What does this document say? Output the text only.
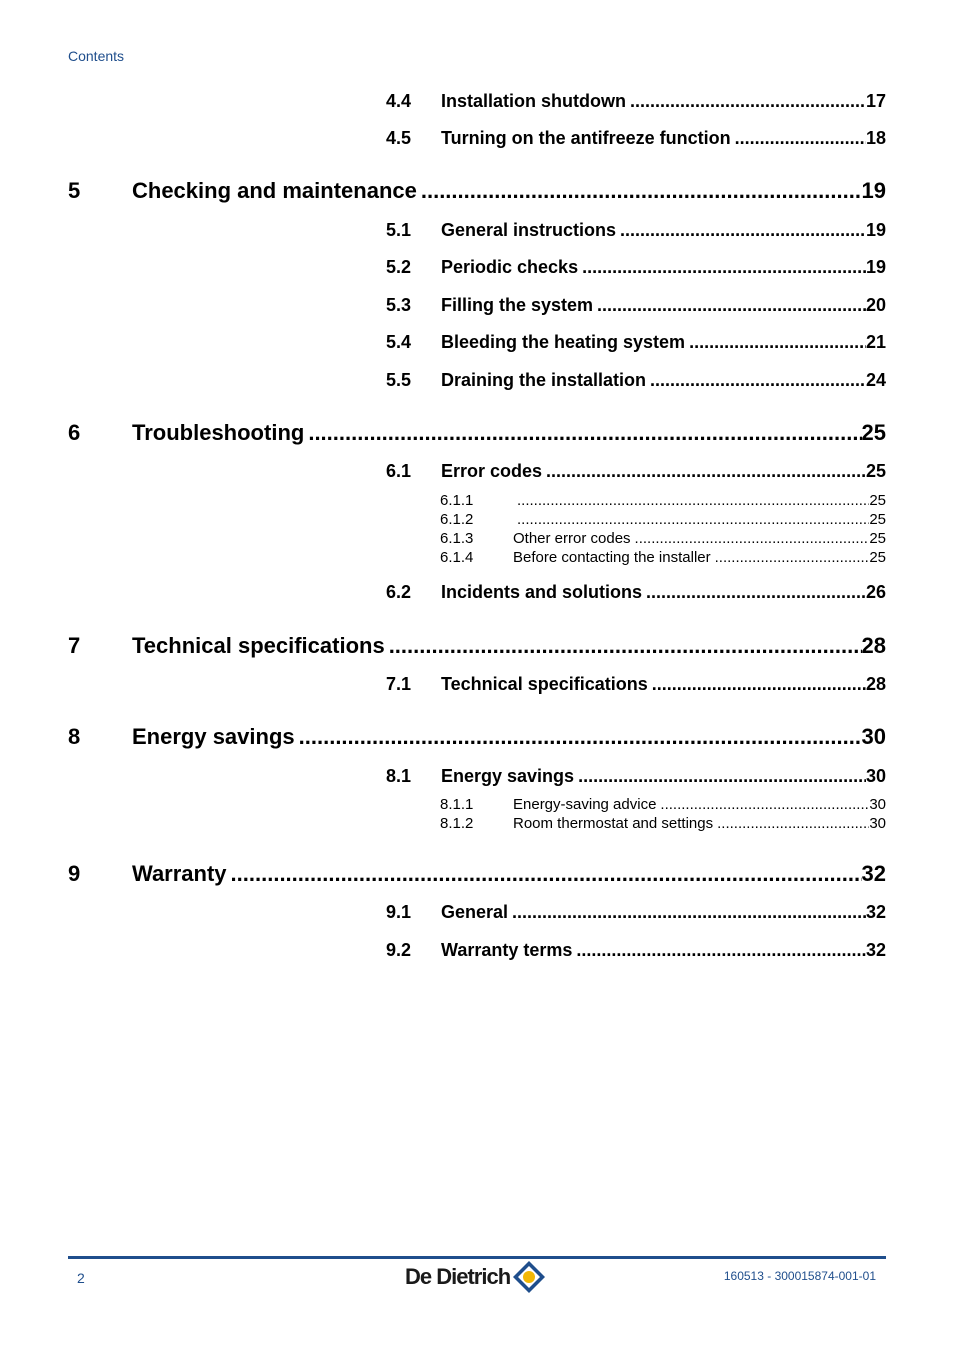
Contents
4.4	Installation shutdown .....	17
4.5	Turning on the antifreeze function .....	18
5	Checking and maintenance .....	19
5.1	General instructions .....	19
5.2	Periodic checks .....	19
5.3	Filling the system .....	20
5.4	Bleeding the heating system .....	21
5.5	Draining the installation .....	24
6	Troubleshooting .....	25
6.1	Error codes .....	25
6.1.1 .....	25
6.1.2 .....	25
6.1.3	Other error codes .....	25
6.1.4	Before contacting the installer .....	25
6.2	Incidents and solutions .....	26
7	Technical specifications .....	28
7.1	Technical specifications .....	28
8	Energy savings .....	30
8.1	Energy savings .....	30
8.1.1	Energy-saving advice .....	30
8.1.2	Room thermostat and settings .....	30
9	Warranty .....	32
9.1	General .....	32
9.2	Warranty terms .....	32
2	De Dietrich	160513 - 300015874-001-01
